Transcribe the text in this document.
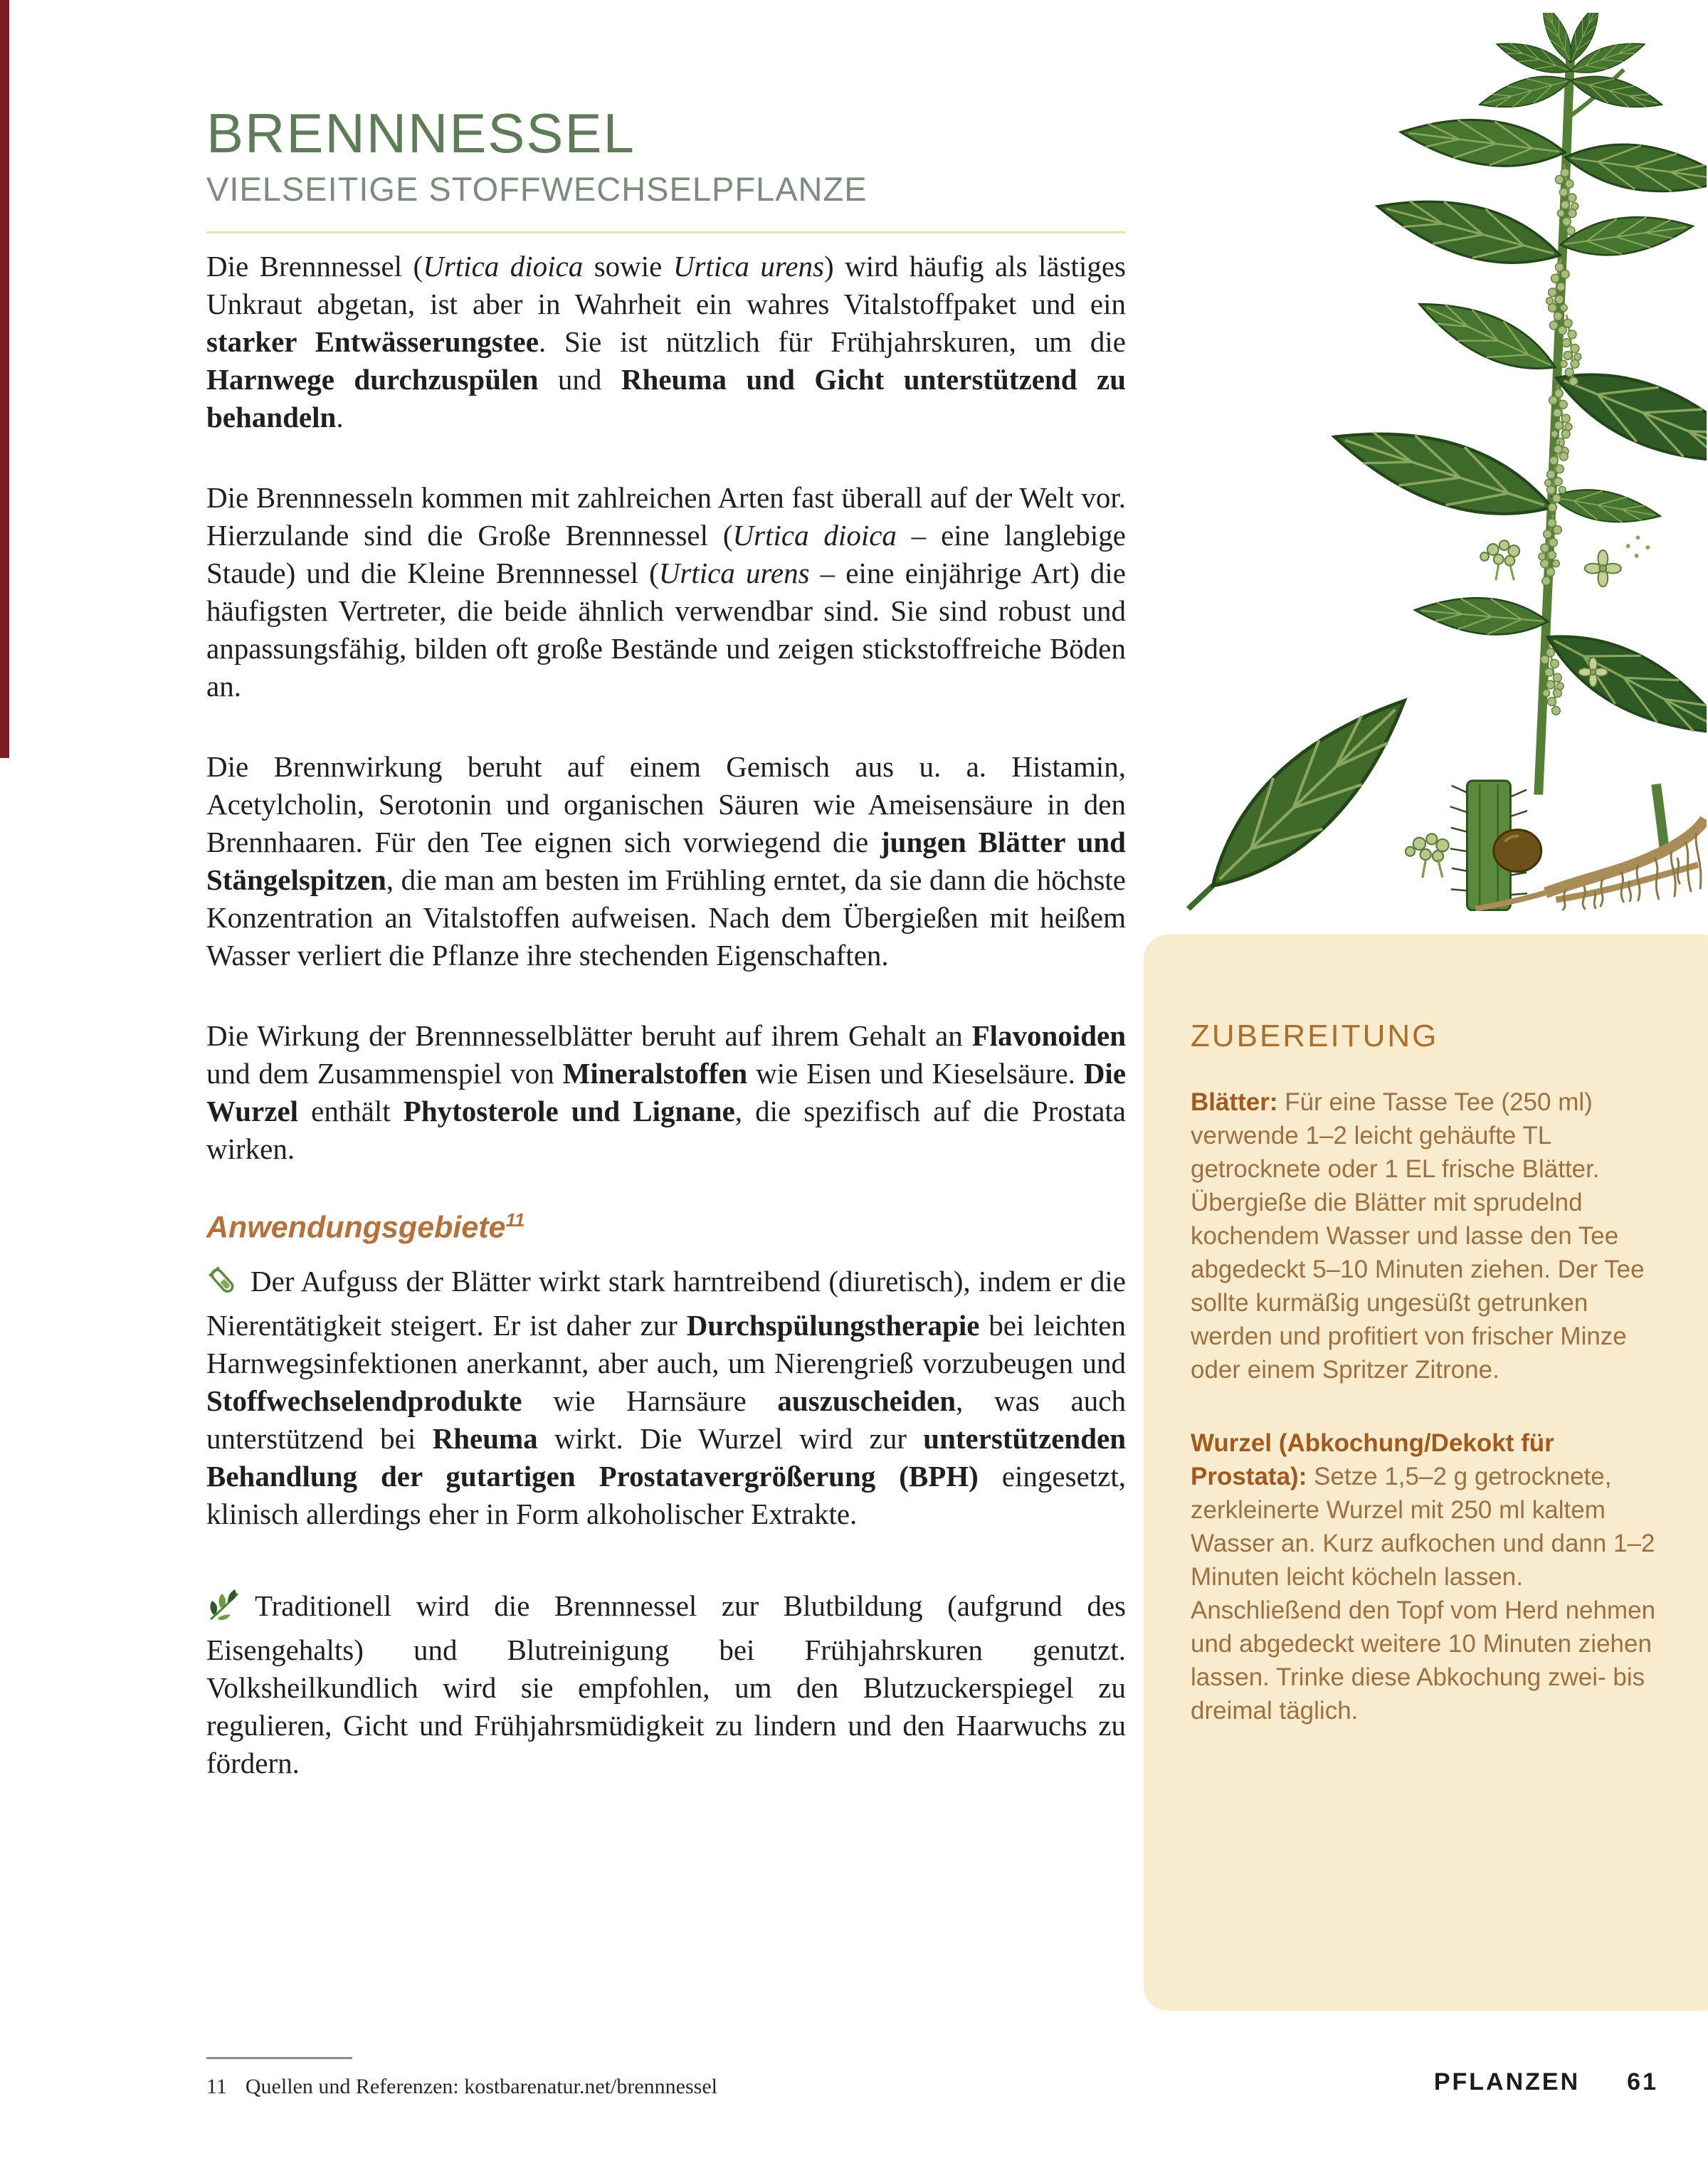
BRENNNESSEL
VIELSEITIGE STOFFWECHSELPFLANZE

Die Brennnessel (Urtica dioica sowie Urtica urens) wird häufig als lästiges Unkraut abgetan, ist aber in Wahrheit ein wahres Vitalstoffpaket und ein starker Entwässerungstee. Sie ist nützlich für Frühjahrskuren, um die Harnwege durchzuspülen und Rheuma und Gicht unterstützend zu behandeln.

Die Brennnesseln kommen mit zahlreichen Arten fast überall auf der Welt vor. Hierzulande sind die Große Brennnessel (Urtica dioica – eine langlebige Staude) und die Kleine Brennnessel (Urtica urens – eine einjährige Art) die häufigsten Vertreter, die beide ähnlich verwendbar sind. Sie sind robust und anpassungsfähig, bilden oft große Bestände und zeigen stickstoffreiche Böden an.

Die Brennwirkung beruht auf einem Gemisch aus u. a. Histamin, Acetylcholin, Serotonin und organischen Säuren wie Ameisensäure in den Brennhaaren. Für den Tee eignen sich vorwiegend die jungen Blätter und Stängelspitzen, die man am besten im Frühling erntet, da sie dann die höchste Konzentration an Vitalstoffen aufweisen. Nach dem Übergießen mit heißem Wasser verliert die Pflanze ihre stechenden Eigenschaften.

Die Wirkung der Brennnesselblätter beruht auf ihrem Gehalt an Flavonoiden und dem Zusammenspiel von Mineralstoffen wie Eisen und Kieselsäure. Die Wurzel enthält Phytosterole und Lignane, die spezifisch auf die Prostata wirken.

Anwendungsgebiete$^{11}$

Der Aufguss der Blätter wirkt stark harntreibend (diuretisch), indem er die Nierentätigkeit steigert. Er ist daher zur Durchspülungstherapie bei leichten Harnwegsinfektionen anerkannt, aber auch, um Nierengrieß vorzubeugen und Stoffwechselendprodukte wie Harnsäure auszuscheiden, was auch unterstützend bei Rheuma wirkt. Die Wurzel wird zur unterstützenden Behandlung der gutartigen Prostatavergrößerung (BPH) eingesetzt, klinisch allerdings eher in Form alkoholischer Extrakte.

Traditionell wird die Brennnessel zur Blutbildung (aufgrund des Eisengehalts) und Blutreinigung bei Frühjahrskuren genutzt. Volksheilkundlich wird sie empfohlen, um den Blutzuckerspiegel zu regulieren, Gicht und Frühjahrsmüdigkeit zu lindern und den Haarwuchs zu fördern.

ZUBEREITUNG

Blätter: Für eine Tasse Tee (250 ml) verwende 1–2 leicht gehäufte TL getrocknete oder 1 EL frische Blätter. Übergieße die Blätter mit sprudelnd kochendem Wasser und lasse den Tee abgedeckt 5–10 Minuten ziehen. Der Tee sollte kurmäßig ungesüßt getrunken werden und profitiert von frischer Minze oder einem Spritzer Zitrone.

Wurzel (Abkochung/Dekokt für Prostata): Setze 1,5–2 g getrocknete, zerkleinerte Wurzel mit 250 ml kaltem Wasser an. Kurz aufkochen und dann 1–2 Minuten leicht köcheln lassen. Anschließend den Topf vom Herd nehmen und abgedeckt weitere 10 Minuten ziehen lassen. Trinke diese Abkochung zwei- bis dreimal täglich.

11 Quellen und Referenzen: kostbarenatur.net/brennnessel	PFLANZEN 61
